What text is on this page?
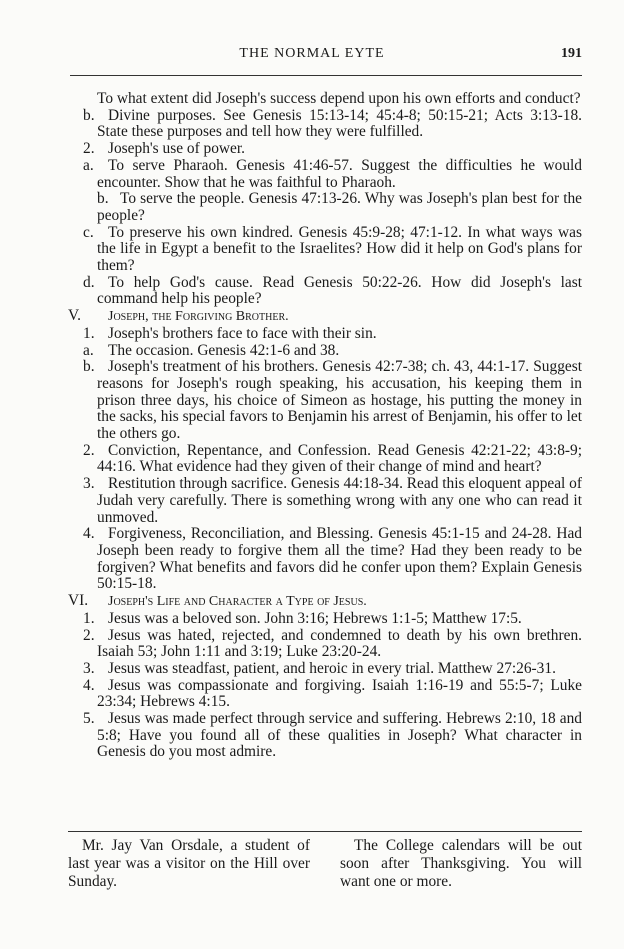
THE NORMAL EYTE	191
To what extent did Joseph's success depend upon his own efforts and conduct?
b. Divine purposes. See Genesis 15:13-14; 45:4-8; 50:15-21; Acts 3:13-18. State these purposes and tell how they were fulfilled.
2. Joseph's use of power.
a. To serve Pharaoh. Genesis 41:46-57. Suggest the difficulties he would encounter. Show that he was faithful to Pharaoh.
b. To serve the people. Genesis 47:13-26. Why was Joseph's plan best for the people?
c. To preserve his own kindred. Genesis 45:9-28; 47:1-12. In what ways was the life in Egypt a benefit to the Israelites? How did it help on God's plans for them?
d. To help God's cause. Read Genesis 50:22-26. How did Joseph's last command help his people?
V. Joseph, the Forgiving Brother.
1. Joseph's brothers face to face with their sin.
a. The occasion. Genesis 42:1-6 and 38.
b. Joseph's treatment of his brothers. Genesis 42:7-38; ch. 43, 44:1-17. Suggest reasons for Joseph's rough speaking, his accusation, his keeping them in prison three days, his choice of Simeon as hostage, his putting the money in the sacks, his special favors to Benjamin his arrest of Benjamin, his offer to let the others go.
2. Conviction, Repentance, and Confession. Read Genesis 42:21-22; 43:8-9; 44:16. What evidence had they given of their change of mind and heart?
3. Restitution through sacrifice. Genesis 44:18-34. Read this eloquent appeal of Judah very carefully. There is something wrong with any one who can read it unmoved.
4. Forgiveness, Reconciliation, and Blessing. Genesis 45:1-15 and 24-28. Had Joseph been ready to forgive them all the time? Had they been ready to be forgiven? What benefits and favors did he confer upon them? Explain Genesis 50:15-18.
VI. Joseph's Life and Character a Type of Jesus.
1. Jesus was a beloved son. John 3:16; Hebrews 1:1-5; Matthew 17:5.
2. Jesus was hated, rejected, and condemned to death by his own brethren. Isaiah 53; John 1:11 and 3:19; Luke 23:20-24.
3. Jesus was steadfast, patient, and heroic in every trial. Matthew 27:26-31.
4. Jesus was compassionate and forgiving. Isaiah 1:16-19 and 55:5-7; Luke 23:34; Hebrews 4:15.
5. Jesus was made perfect through service and suffering. Hebrews 2:10, 18 and 5:8; Have you found all of these qualities in Joseph? What character in Genesis do you most admire.
Mr. Jay Van Orsdale, a student of last year was a visitor on the Hill over Sunday.
The College calendars will be out soon after Thanksgiving. You will want one or more.
